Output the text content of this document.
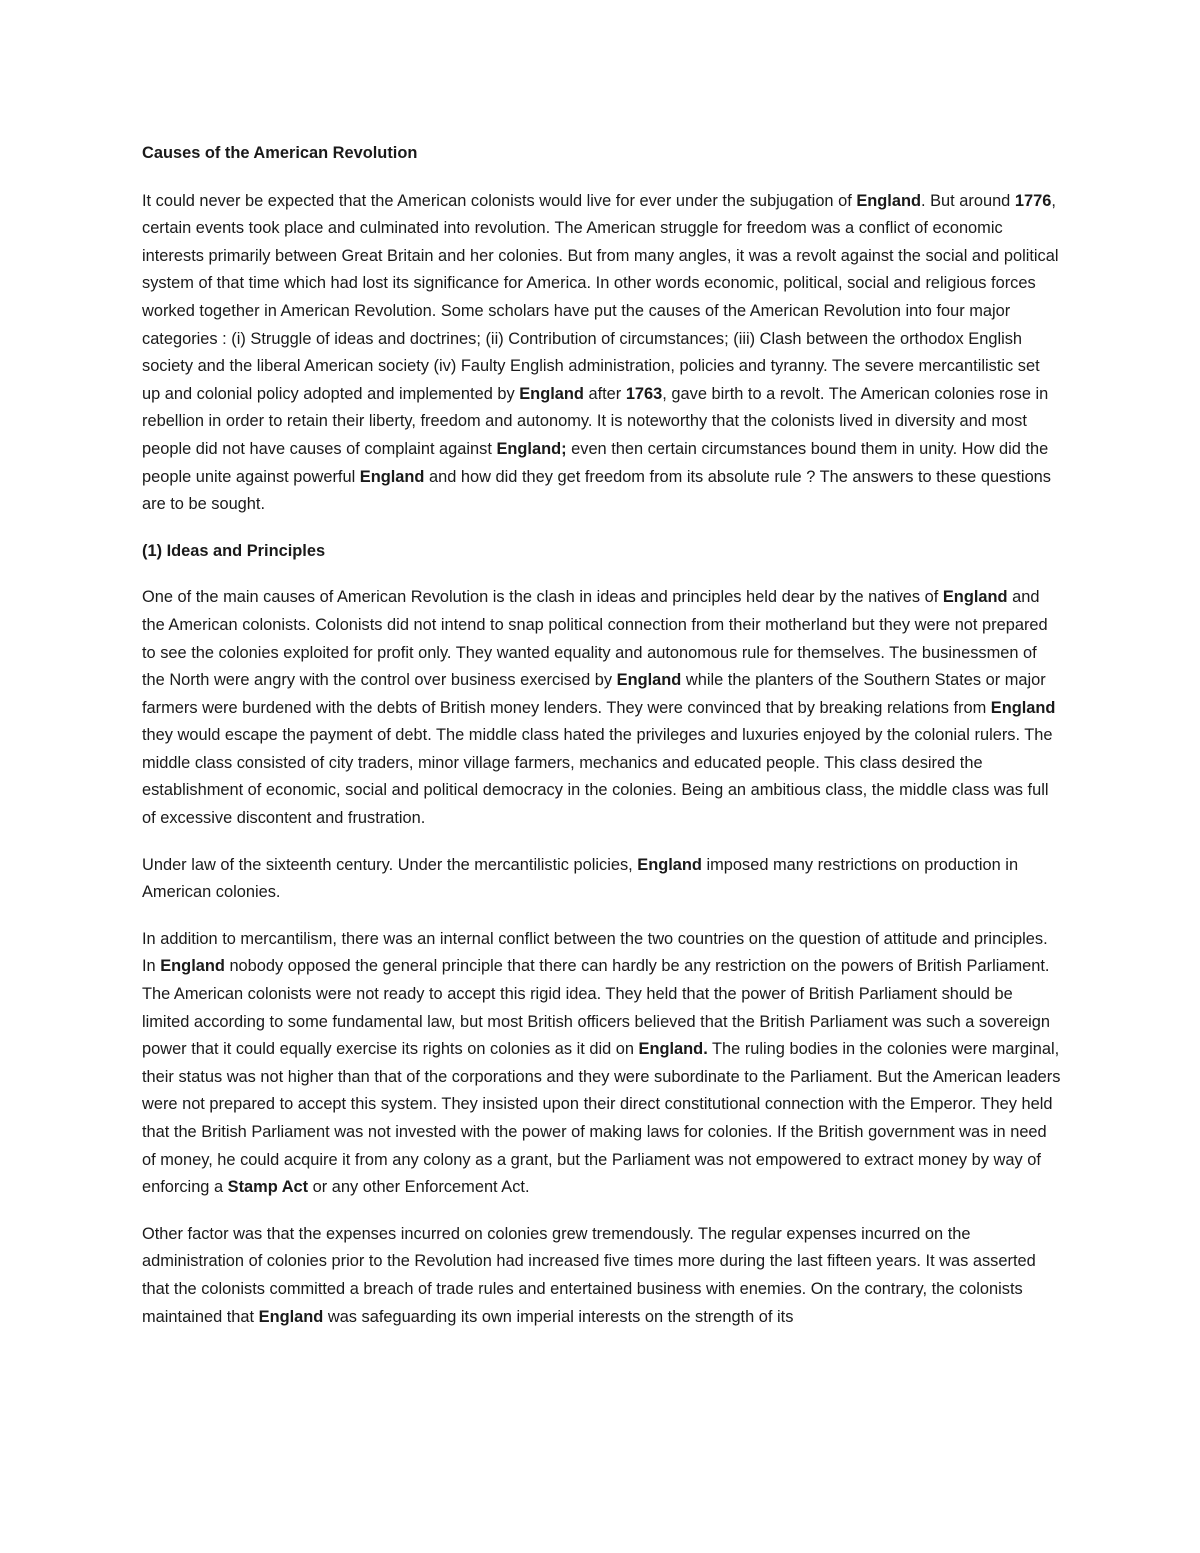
Causes of the American Revolution

It could never be expected that the American colonists would live for ever under the subjugation of England. But around 1776, certain events took place and culminated into revolution. The American struggle for freedom was a conflict of economic interests primarily between Great Britain and her colonies. But from many angles, it was a revolt against the social and political system of that time which had lost its significance for America. In other words economic, political, social and religious forces worked together in American Revolution. Some scholars have put the causes of the American Revolution into four major categories : (i) Struggle of ideas and doctrines; (ii) Contribution of circumstances; (iii) Clash between the orthodox English society and the liberal American society (iv) Faulty English administration, policies and tyranny. The severe mercantilistic set up and colonial policy adopted and implemented by England after 1763, gave birth to a revolt. The American colonies rose in rebellion in order to retain their liberty, freedom and autonomy. It is noteworthy that the colonists lived in diversity and most people did not have causes of complaint against England; even then certain circumstances bound them in unity. How did the people unite against powerful England and how did they get freedom from its absolute rule ? The answers to these questions are to be sought.

(1) Ideas and Principles

One of the main causes of American Revolution is the clash in ideas and principles held dear by the natives of England and the American colonists. Colonists did not intend to snap political connection from their motherland but they were not prepared to see the colonies exploited for profit only. They wanted equality and autonomous rule for themselves. The businessmen of the North were angry with the control over business exercised by England while the planters of the Southern States or major farmers were burdened with the debts of British money lenders. They were convinced that by breaking relations from England they would escape the payment of debt. The middle class hated the privileges and luxuries enjoyed by the colonial rulers. The middle class consisted of city traders, minor village farmers, mechanics and educated people. This class desired the establishment of economic, social and political democracy in the colonies. Being an ambitious class, the middle class was full of excessive discontent and frustration.

Under law of the sixteenth century. Under the mercantilistic policies, England imposed many restrictions on production in American colonies.

In addition to mercantilism, there was an internal conflict between the two countries on the question of attitude and principles. In England nobody opposed the general principle that there can hardly be any restriction on the powers of British Parliament. The American colonists were not ready to accept this rigid idea. They held that the power of British Parliament should be limited according to some fundamental law, but most British officers believed that the British Parliament was such a sovereign power that it could equally exercise its rights on colonies as it did on England. The ruling bodies in the colonies were marginal, their status was not higher than that of the corporations and they were subordinate to the Parliament. But the American leaders were not prepared to accept this system. They insisted upon their direct constitutional connection with the Emperor. They held that the British Parliament was not invested with the power of making laws for colonies. If the British government was in need of money, he could acquire it from any colony as a grant, but the Parliament was not empowered to extract money by way of enforcing a Stamp Act or any other Enforcement Act.

Other factor was that the expenses incurred on colonies grew tremendously. The regular expenses incurred on the administration of colonies prior to the Revolution had increased five times more during the last fifteen years. It was asserted that the colonists committed a breach of trade rules and entertained business with enemies. On the contrary, the colonists maintained that England was safeguarding its own imperial interests on the strength of its
